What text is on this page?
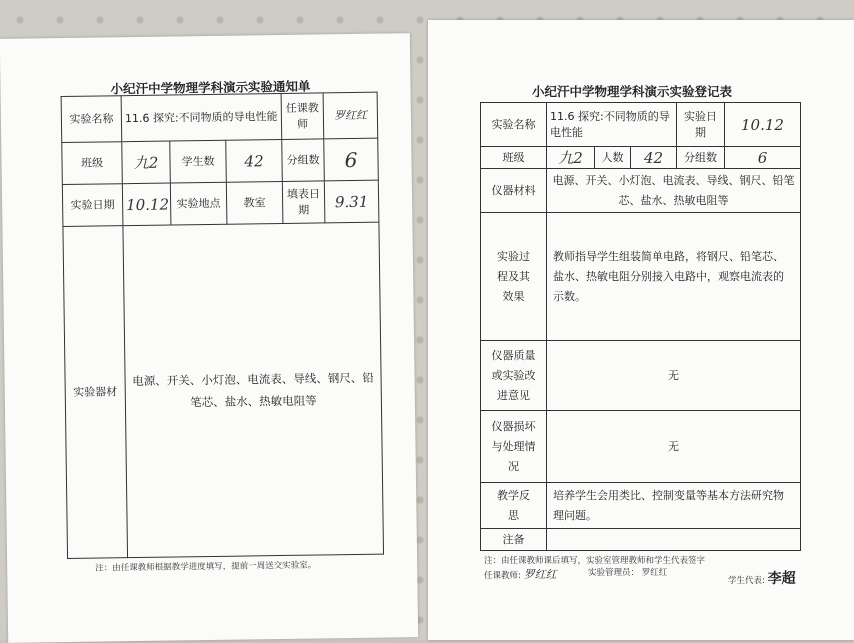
小纪汗中学物理学科演示实验通知单
实验名称	11.6 探究:不同物质的导电性能			任课教师	罗红红
班级	九2	学生数	42	分组数	6
实验日期	10.12	实验地点	教室	填表日期	9.31
实验器材	电源、开关、小灯泡、电流表、导线、钢尺、铅笔芯、盐水、热敏电阻等				
注：由任课教师根据教学进度填写，提前一周送交实验室。
小纪汗中学物理学科演示实验登记表
实验名称	11.6 探究:不同物质的导电性能			实验日期	10.12
班级	九2	人数	42	分组数	6
仪器材料	电源、开关、小灯泡、电流表、导线、钢尺、铅笔芯、盐水、热敏电阻等				
实验过程及其效果	教师指导学生组装简单电路，将钢尺、铅笔芯、盐水、热敏电阻分别接入电路中，观察电流表的示数。				
仪器质量或实验改进意见	无				
仪器损坏与处理情况	无				
教学反思	培养学生会用类比、控制变量等基本方法研究物理问题。				
注备					
注：由任课教师课后填写，实验室管理教师和学生代表签字
任课教师: 罗红红	实验管理员： 罗红红
学生代表: 李超
